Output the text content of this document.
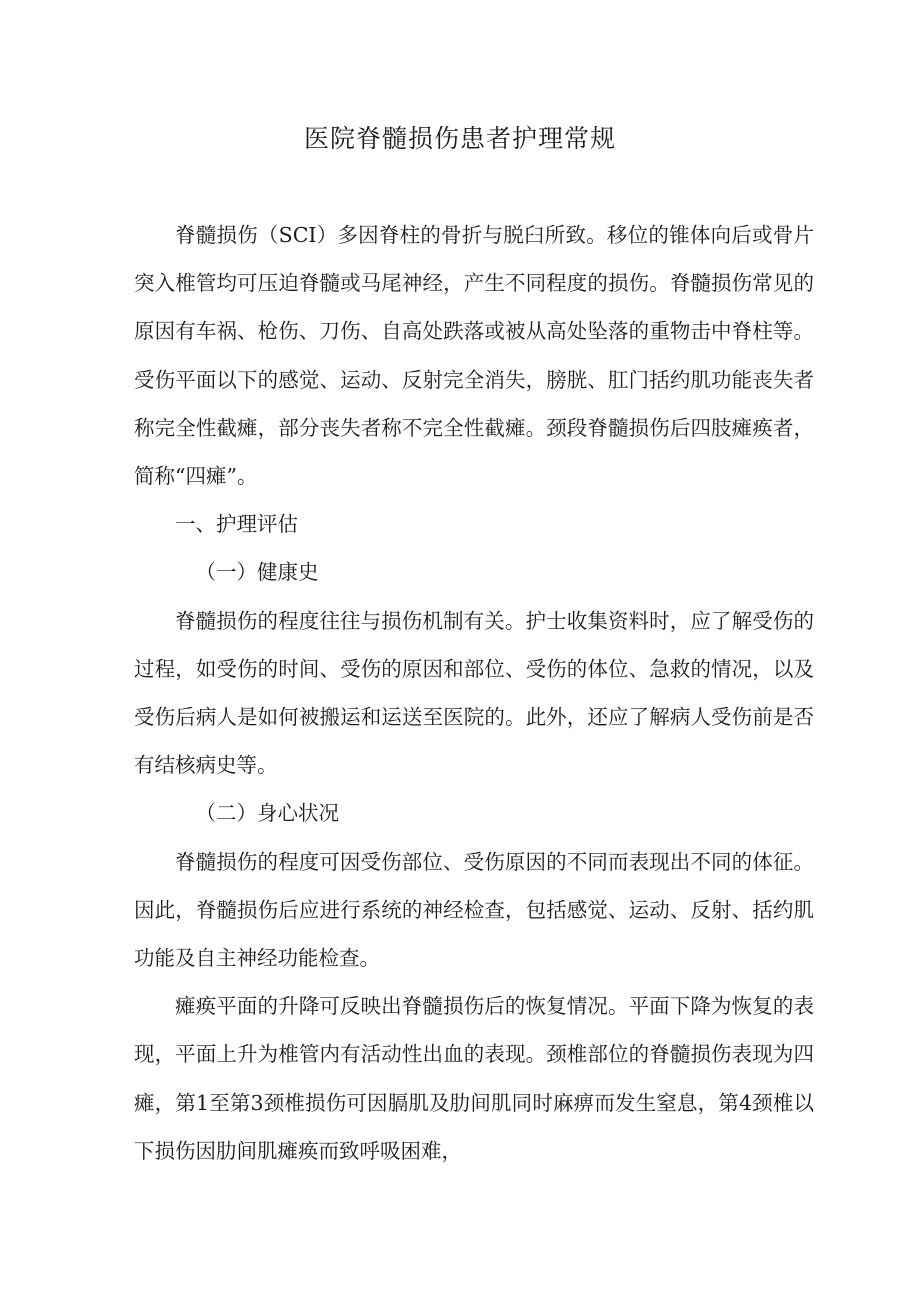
医院脊髓损伤患者护理常规

脊髓损伤（SCI）多因脊柱的骨折与脱臼所致。移位的锥体向后或骨片突入椎管均可压迫脊髓或马尾神经，产生不同程度的损伤。脊髓损伤常见的原因有车祸、枪伤、刀伤、自高处跌落或被从高处坠落的重物击中脊柱等。受伤平面以下的感觉、运动、反射完全消失，膀胱、肛门括约肌功能丧失者称完全性截瘫，部分丧失者称不完全性截瘫。颈段脊髓损伤后四肢瘫痪者，简称“四瘫”。

一、护理评估

（一）健康史

脊髓损伤的程度往往与损伤机制有关。护士收集资料时，应了解受伤的过程，如受伤的时间、受伤的原因和部位、受伤的体位、急救的情况，以及受伤后病人是如何被搬运和运送至医院的。此外，还应了解病人受伤前是否有结核病史等。

（二）身心状况

脊髓损伤的程度可因受伤部位、受伤原因的不同而表现出不同的体征。因此，脊髓损伤后应进行系统的神经检查，包括感觉、运动、反射、括约肌功能及自主神经功能检查。

瘫痪平面的升降可反映出脊髓损伤后的恢复情况。平面下降为恢复的表现，平面上升为椎管内有活动性出血的表现。颈椎部位的脊髓损伤表现为四瘫，第1至第3颈椎损伤可因膈肌及肋间肌同时麻痹而发生窒息，第4颈椎以下损伤因肋间肌瘫痪而致呼吸困难，
